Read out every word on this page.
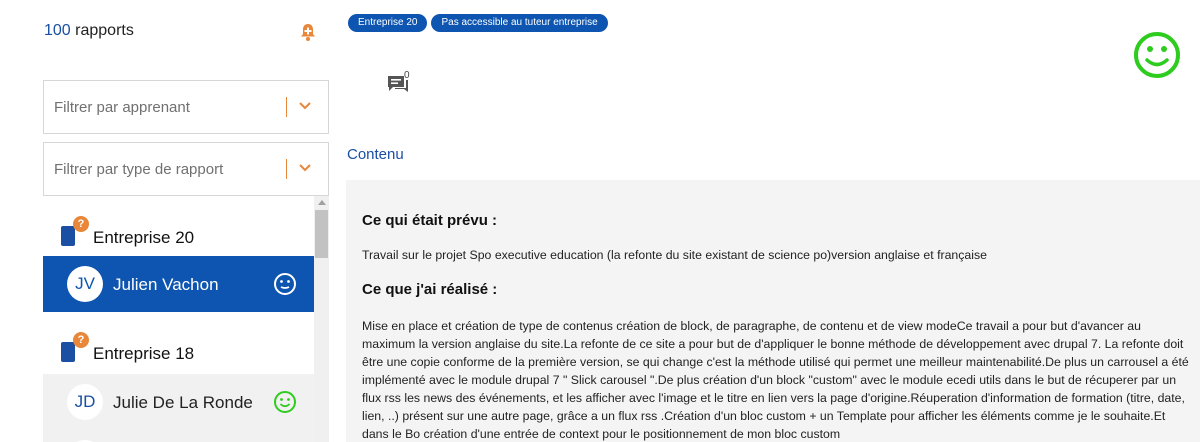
100 rapports
Filtrer par apprenant
Filtrer par type de rapport
?
Entreprise 20
JV	Julien Vachon
?
Entreprise 18
JD	Julie De La Ronde
Entreprise 20	Pas accessible au tuteur entreprise
0
Contenu
Ce qui était prévu :
Travail sur le projet Spo executive education (la refonte du site existant de science po)version anglaise et française
Ce que j'ai réalisé :
Mise en place et création de type de contenus création de block, de paragraphe, de contenu et de view modeCe travail a pour but d'avancer au maximum la version anglaise du site.La refonte de ce site a pour but de d'appliquer le bonne méthode de développement avec drupal 7. La refonte doit être une copie conforme de la première version, se qui change c'est la méthode utilisé qui permet une meilleur maintenabilité.De plus un carrousel a été implémenté avec le module drupal 7 " Slick carousel ".De plus création d'un block "custom" avec le module ecedi utils dans le but de récuperer par un flux rss les news des événements, et les afficher avec l'image et le titre en lien vers la page d'origine.Réuperation d'information de formation (titre, date, lien, ..) présent sur une autre page, grâce a un flux rss .Création d'un bloc custom + un Template pour afficher les éléments comme je le souhaite.Et dans le Bo création d'une entrée de context pour le positionnement de mon bloc custom
